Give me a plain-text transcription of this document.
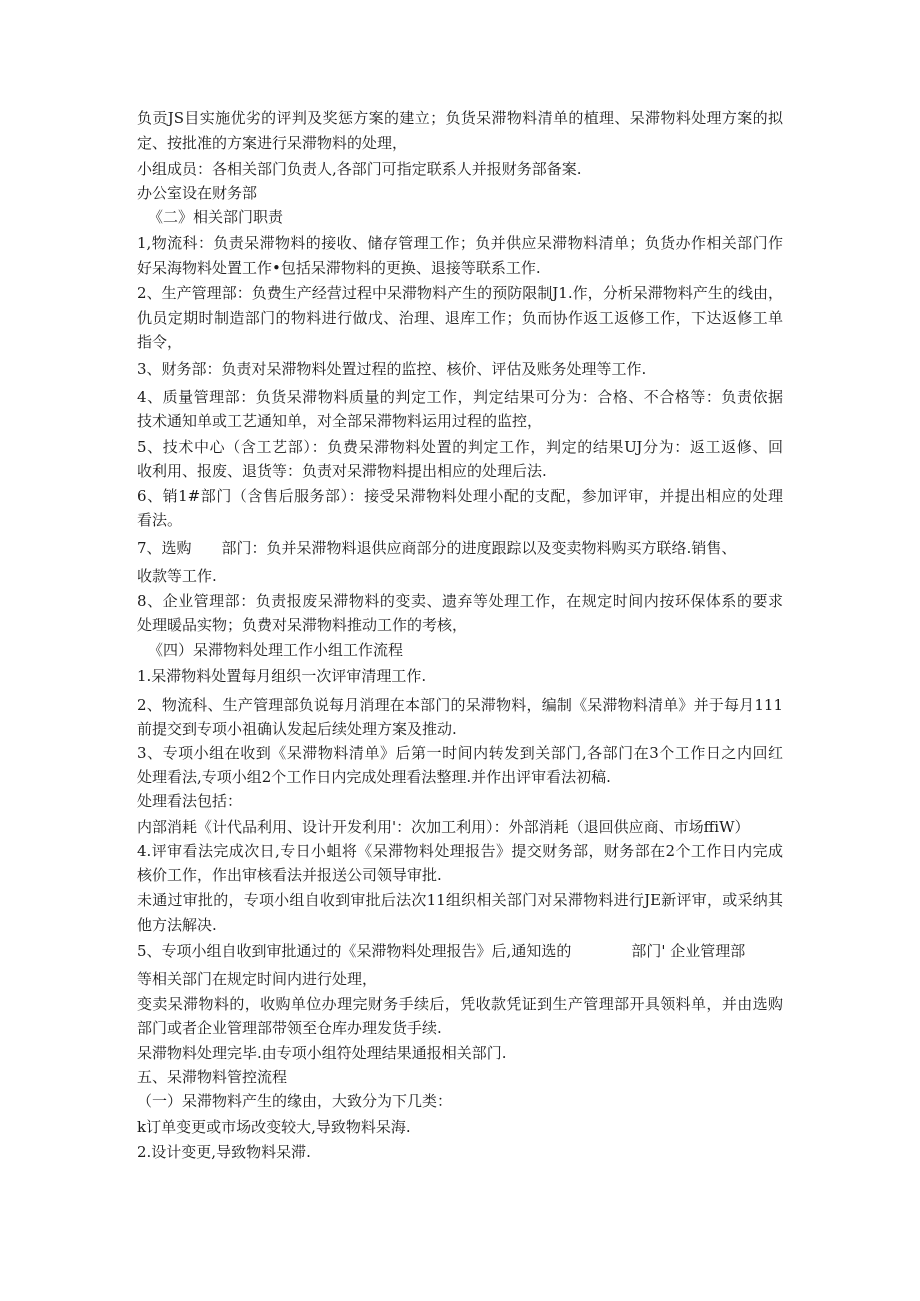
负贡JS目实施优劣的评判及奖惩方案的建立；负货呆滞物料清单的植理、呆滞物料处理方案的拟
定、按批准的方案进行呆滞物料的处理，
小组成员：各相关部门负责人,各部门可指定联系人并报财务部备案.
办公室设在财务部
《二》相关部门职责
1,物流科：负责呆滞物料的接收、储存管理工作；负并供应呆滞物料清单；负货办作相关部门作
好呆海物料处置工作•包括呆滞物料的更换、退接等联系工作.
2、生产管理部：负费生产经营过程中呆滞物料产生的预防限制J1.作，分析呆滞物料产生的线由，
仇员定期时制造部门的物料进行做戊、治理、退库工作；负而协作返工返修工作，下达返修工单
指令，
3、财务部：负责对呆滞物料处置过程的监控、核价、评估及账务处理等工作.
4、质量管理部：负货呆滞物料质量的判定工作，判定结果可分为：合格、不合格等：负责依据
技术通知单或工艺通知单，对全部呆滞物料运用过程的监控，
5、技术中心（含工艺部）：负费呆滞物料处置的判定工作，判定的结果UJ分为：返工返修、回
收利用、报废、退货等：负责对呆滞物料提出相应的处理后法.
6、销1#部门（含售后服务部）：接受呆滞物料处理小配的支配，参加评审，并提出相应的处理
看法。
7、选购　　部门：负并呆滞物料退供应商部分的进度跟踪以及变卖物料购买方联络.销售、
收款等工作.
8、企业管理部：负责报废呆滞物料的变卖、遗弃等处理工作，在规定时间内按环保体系的要求
处理暖品实物；负费对呆滞物料推动工作的考核，
《四）呆滞物料处理工作小组工作流程
1.呆滞物料处置每月组织一次评审清理工作.
2、物流科、生产管理部负说每月消理在本部门的呆滞物料，编制《呆滞物料清单》并于每月111
前提交到专项小祖确认发起后续处理方案及推动.
3、专项小组在收到《呆滞物料清单》后第一时间内转发到关部门,各部门在3个工作日之内回红
处理看法,专项小组2个工作日内完成处理看法整理.并作出评审看法初稿.
处理看法包括：
内部消耗《计代品利用、设计开发利用'：次加工利用）：外部消耗（退回供应商、市场ffiW）
4.评审看法完成次日,专日小蛆将《呆滞物料处理报告》提交财务部，财务部在2个工作日内完成
核价工作，作出审核看法并报送公司领导审批.
未通过审批的，专项小组自收到审批后法次11组织相关部门对呆滞物料进行JE新评审，或采纳其
他方法解决.
5、专项小组自收到审批通过的《呆滞物料处理报告》后,通知选的　　　　部门' 企业管理部
等相关部门在规定时间内进行处理，
变卖呆滞物料的，收购单位办理完财务手续后，凭收款凭证到生产管理部开具领料单，并由选购
部门或者企业管理部带领至仓库办理发货手续.
呆滞物料处理完毕.由专项小组符处理结果通报相关部门.
五、呆滞物料管控流程
（一）呆滞物料产生的缘由，大致分为下几类：
k订单变更或市场改变较大,导致物料呆海.
2.设计变更,导致物料呆滞.
